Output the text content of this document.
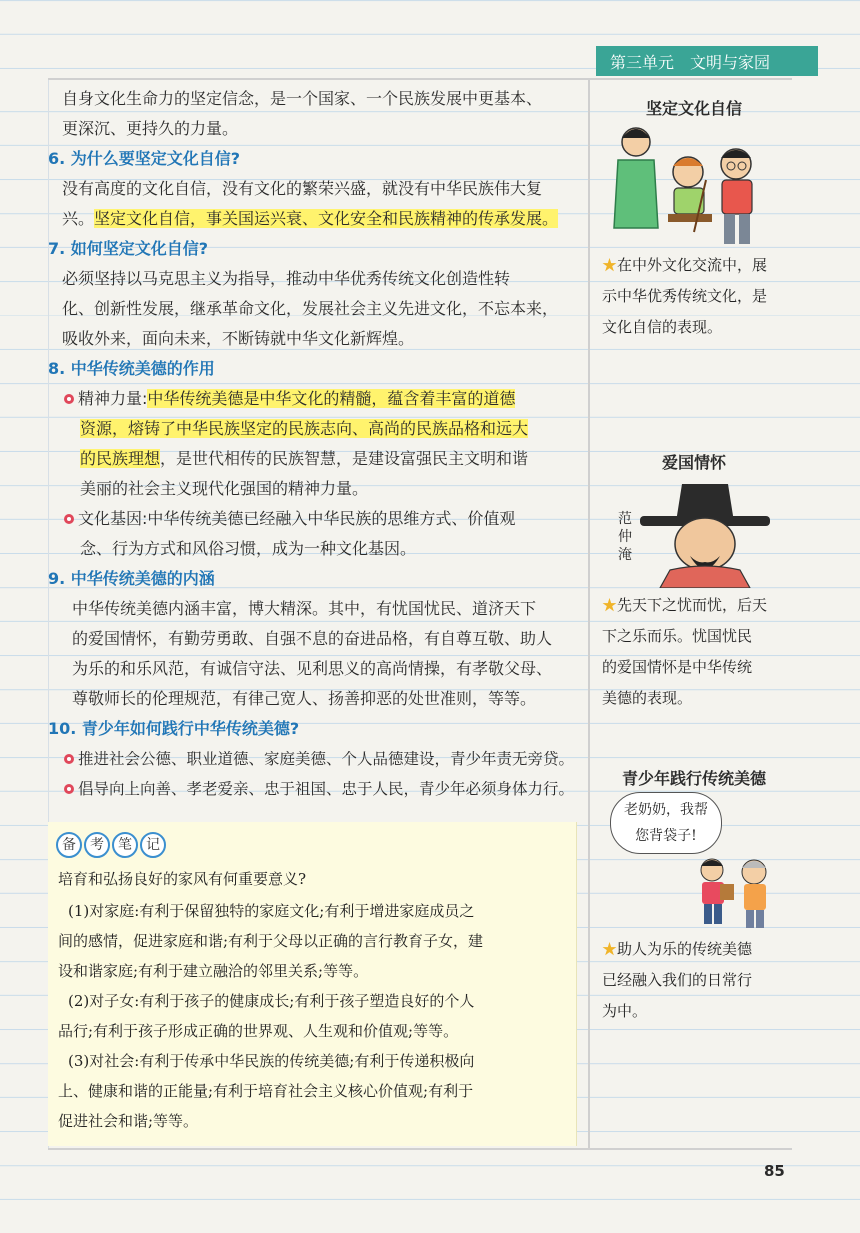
第三单元 文明与家园
自身文化生命力的坚定信念，是一个国家、一个民族发展中更基本、
更深沉、更持久的力量。
6. 为什么要坚定文化自信?
没有高度的文化自信，没有文化的繁荣兴盛，就没有中华民族伟大复
兴。坚定文化自信，事关国运兴衰、文化安全和民族精神的传承发展。
7. 如何坚定文化自信?
必须坚持以马克思主义为指导，推动中华优秀传统文化创造性转
化、创新性发展，继承革命文化，发展社会主义先进文化，不忘本来，
吸收外来，面向未来，不断铸就中华文化新辉煌。
8. 中华传统美德的作用
精神力量:中华传统美德是中华文化的精髓，蕴含着丰富的道德
资源，熔铸了中华民族坚定的民族志向、高尚的民族品格和远大
的民族理想，是世代相传的民族智慧，是建设富强民主文明和谐
美丽的社会主义现代化强国的精神力量。
文化基因:中华传统美德已经融入中华民族的思维方式、价值观
念、行为方式和风俗习惯，成为一种文化基因。
9. 中华传统美德的内涵
中华传统美德内涵丰富，博大精深。其中，有忧国忧民、道济天下
的爱国情怀，有勤劳勇敢、自强不息的奋进品格，有自尊互敬、助人
为乐的和乐风范，有诚信守法、见利思义的高尚情操，有孝敬父母、
尊敬师长的伦理规范，有律己宽人、扬善抑恶的处世准则，等等。
10. 青少年如何践行中华传统美德?
推进社会公德、职业道德、家庭美德、个人品德建设，青少年责无旁贷。
倡导向上向善、孝老爱亲、忠于祖国、忠于人民，青少年必须身体力行。
备	考	笔	记
培育和弘扬良好的家风有何重要意义?
(1)对家庭:有利于保留独特的家庭文化;有利于增进家庭成员之
间的感情，促进家庭和谐;有利于父母以正确的言行教育子女，建
设和谐家庭;有利于建立融洽的邻里关系;等等。
(2)对子女:有利于孩子的健康成长;有利于孩子塑造良好的个人
品行;有利于孩子形成正确的世界观、人生观和价值观;等等。
(3)对社会:有利于传承中华民族的传统美德;有利于传递积极向
上、健康和谐的正能量;有利于培育社会主义核心价值观;有利于
促进社会和谐;等等。
坚定文化自信
★在中外文化交流中，展
示中华优秀传统文化，是
文化自信的表现。
爱国情怀
范仲淹
★先天下之忧而忧，后天
下之乐而乐。忧国忧民
的爱国情怀是中华传统
美德的表现。
青少年践行传统美德
老奶奶，我帮
您背袋子!
★助人为乐的传统美德
已经融入我们的日常行
为中。
85
